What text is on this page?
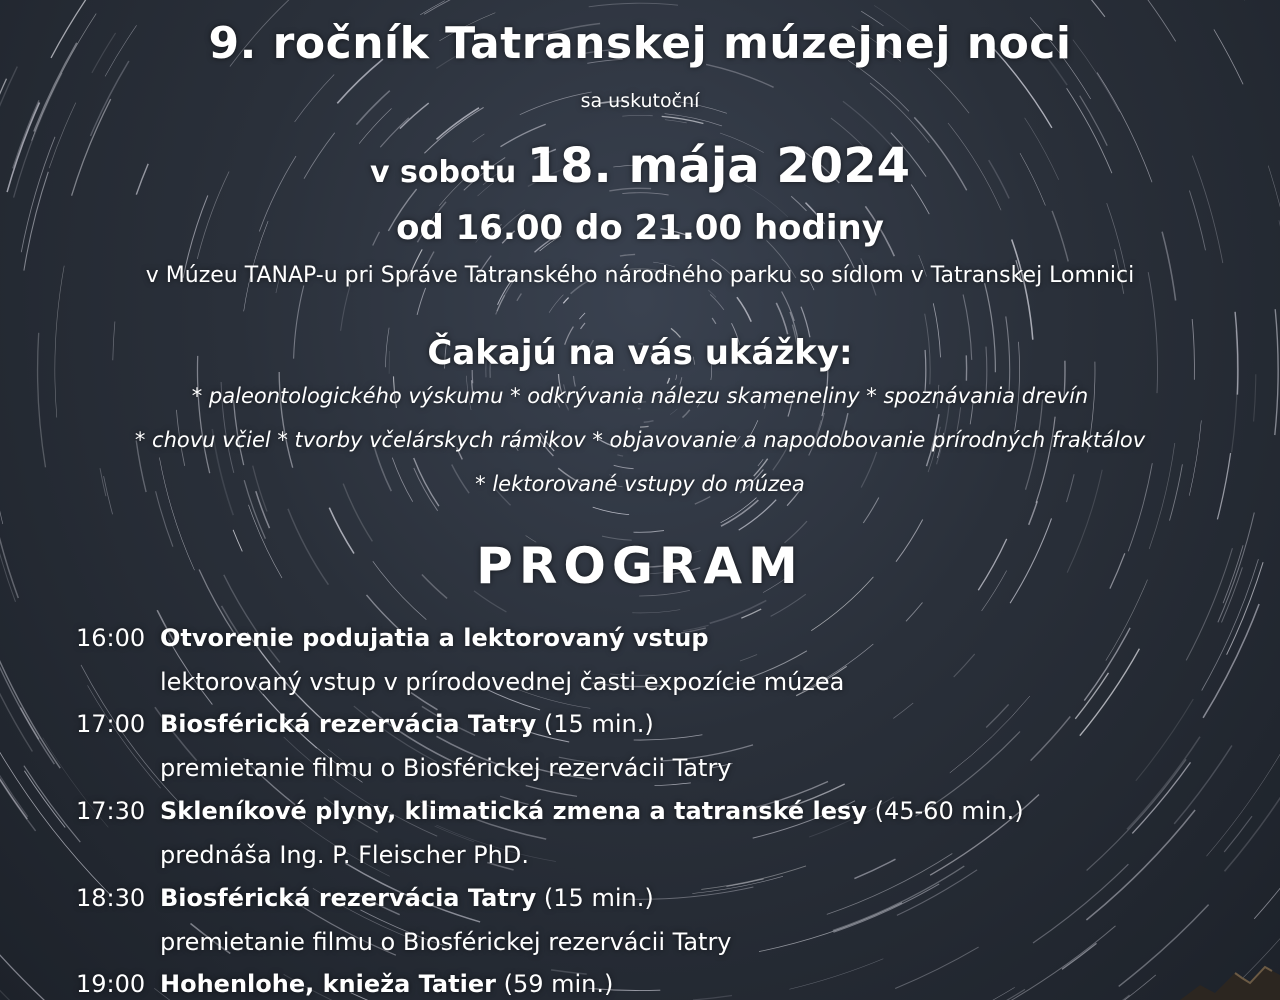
9. ročník Tatranskej múzejnej noci
sa uskutoční
v sobotu 18. mája 2024
od 16.00 do 21.00 hodiny
v Múzeu TANAP-u pri Správe Tatranského národného parku so sídlom v Tatranskej Lomnici
Čakajú na vás ukážky:
* paleontologického výskumu * odkrývania nálezu skameneliny * spoznávania drevín
* chovu včiel * tvorby včelárskych rámikov * objavovanie a napodobovanie prírodných fraktálov
* lektorované vstupy do múzea
PROGRAM
16:00 Otvorenie podujatia a lektorovaný vstup
lektorovaný vstup v prírodovednej časti expozície múzea
17:00 Biosférická rezervácia Tatry (15 min.)
premietanie filmu o Biosférickej rezervácii Tatry
17:30 Skleníkové plyny, klimatická zmena a tatranské lesy (45-60 min.)
prednáša Ing. P. Fleischer PhD.
18:30 Biosférická rezervácia Tatry (15 min.)
premietanie filmu o Biosférickej rezervácii Tatry
19:00 Hohenlohe, knieža Tatier (59 min.)
